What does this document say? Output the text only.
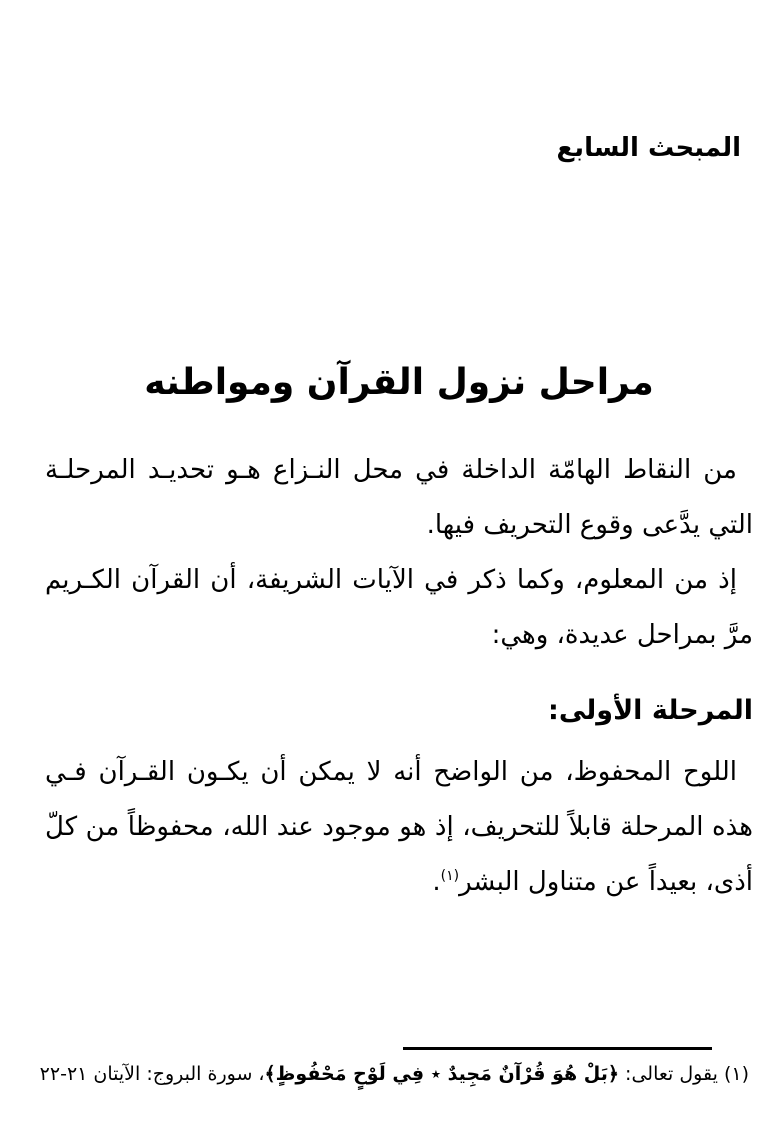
المبحث السابع
مراحل نزول القرآن ومواطنه

من النقاط الهامّة الداخلة في محل النـزاع هـو تحديـد المرحلـة

التي يدَّعى وقوع التحريف فيها.

إذ من المعلوم، وكما ذكر في الآيات الشريفة، أن القرآن الكـريم

مرَّ بمراحل عديدة، وهي:

المرحلة الأولى:

اللوح المحفوظ، من الواضح أنه لا يمكن أن يكـون القـرآن فـي

هذه المرحلة قابلاً للتحريف، إذ هو موجود عند الله، محفوظاً من كلّ

أذى، بعيداً عن متناول البشر$^{(١)}$.

(١) يقول تعالى: ﴿بَلْ هُوَ قُرْآنٌ مَجِيدٌ ٭ فِي لَوْحٍ مَحْفُوظٍ﴾، سورة البروج: الآيتان ٢١-٢٢
